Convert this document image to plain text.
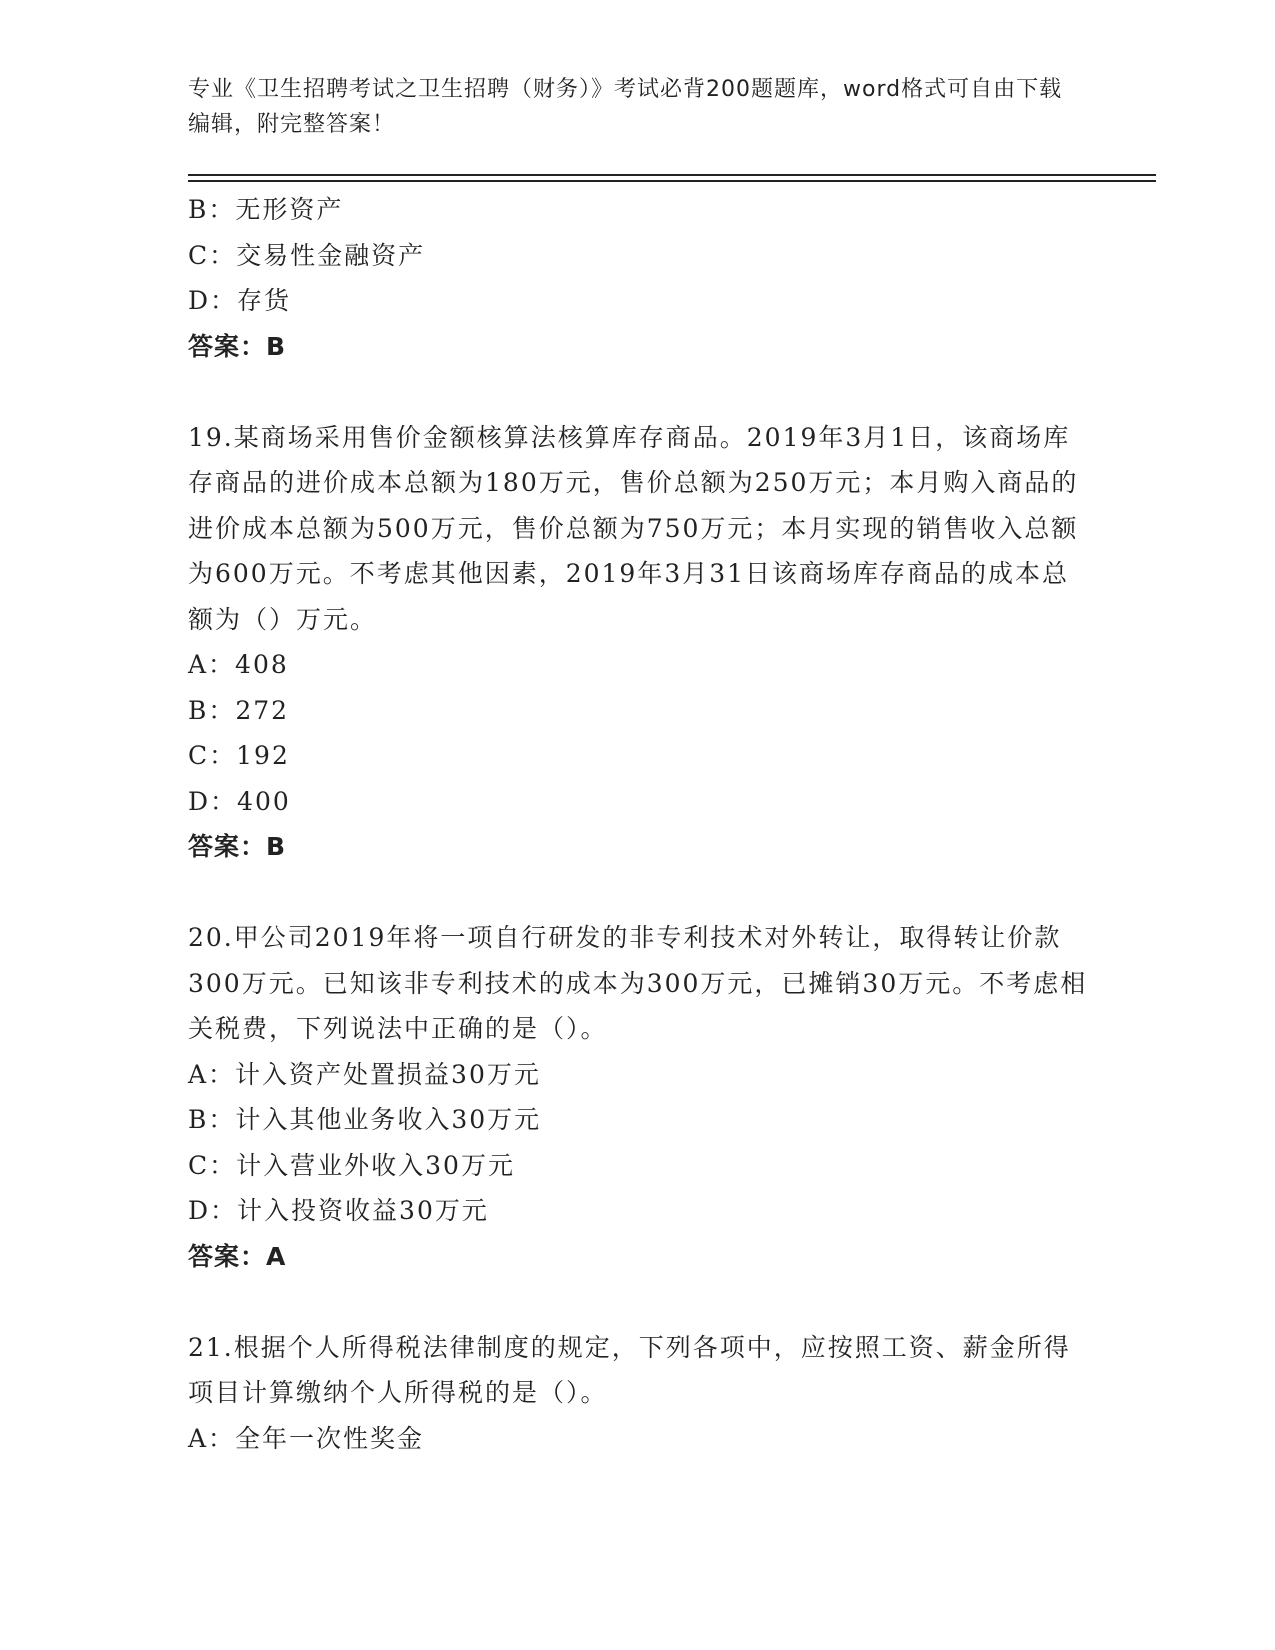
专业《卫生招聘考试之卫生招聘（财务）》考试必背200题题库，word格式可自由下载编辑，附完整答案！
B：无形资产
C：交易性金融资产
D：存货
答案：B
19.某商场采用售价金额核算法核算库存商品。2019年3月1日，该商场库存商品的进价成本总额为180万元，售价总额为250万元；本月购入商品的进价成本总额为500万元，售价总额为750万元；本月实现的销售收入总额为600万元。不考虑其他因素，2019年3月31日该商场库存商品的成本总额为（）万元。
A：408
B：272
C：192
D：400
答案：B
20.甲公司2019年将一项自行研发的非专利技术对外转让，取得转让价款300万元。已知该非专利技术的成本为300万元，已摊销30万元。不考虑相关税费，下列说法中正确的是（）。
A：计入资产处置损益30万元
B：计入其他业务收入30万元
C：计入营业外收入30万元
D：计入投资收益30万元
答案：A
21.根据个人所得税法律制度的规定，下列各项中，应按照工资、薪金所得项目计算缴纳个人所得税的是（）。
A：全年一次性奖金
